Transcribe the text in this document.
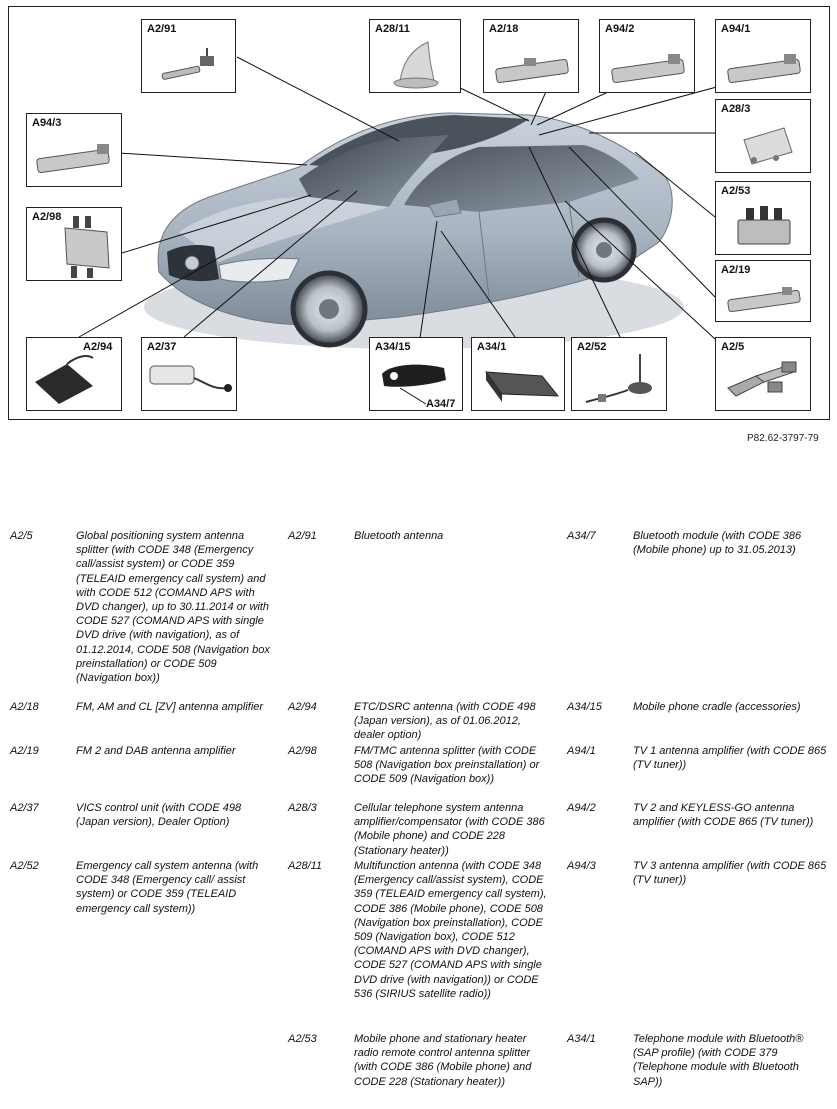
A2/91	A28/11	A2/18	A94/2	A94/1
A94/3
A28/3
A2/98
A2/53
A2/19
A2/94	A2/37	A34/15
A34/7
A34/1	A2/52	A2/5
P82.62-3797-79
A2/5	Global positioning system antenna splitter (with CODE 348 (Emergency call/assist system) or CODE 359 (TELEAID emergency call system) and with CODE 512 (COMAND APS with DVD changer), up to 30.11.2014 or with CODE 527 (COMAND APS with single DVD drive (with navigation), as of 01.12.2014, CODE 508 (Navigation box preinstallation) or CODE 509 (Navigation box))
A2/18	FM, AM and CL [ZV] antenna amplifier
A2/19	FM 2 and DAB antenna amplifier
A2/37	VICS control unit (with CODE 498 (Japan version), Dealer Option)
A2/52	Emergency call system antenna (with CODE 348 (Emergency call/ assist system) or CODE 359 (TELEAID emergency call system))
A2/91	Bluetooth antenna
A2/94	ETC/DSRC antenna (with CODE 498 (Japan version), as of 01.06.2012, dealer option)
A2/98	FM/TMC antenna splitter (with CODE 508 (Navigation box preinstallation) or CODE 509 (Navigation box))
A28/3	Cellular telephone system antenna amplifier/compensator (with CODE 386 (Mobile phone) and CODE 228 (Stationary heater))
A28/11	Multifunction antenna (with CODE 348 (Emergency call/assist system), CODE 359 (TELEAID emergency call system), CODE 386 (Mobile phone), CODE 508 (Navigation box preinstallation), CODE 509 (Navigation box), CODE 512 (COMAND APS with DVD changer), CODE 527 (COMAND APS with single DVD drive (with navigation)) or CODE 536 (SIRIUS satellite radio))
A2/53	Mobile phone and stationary heater radio remote control antenna splitter (with CODE 386 (Mobile phone) and CODE 228 (Stationary heater))
A34/7	Bluetooth module (with CODE 386 (Mobile phone) up to 31.05.2013)
A34/15	Mobile phone cradle (accessories)
A94/1	TV 1 antenna amplifier (with CODE 865 (TV tuner))
A94/2	TV 2 and KEYLESS-GO antenna amplifier (with CODE 865 (TV tuner))
A94/3	TV 3 antenna amplifier (with CODE 865 (TV tuner))
A34/1	Telephone module with Bluetooth® (SAP profile) (with CODE 379 (Telephone module with Bluetooth SAP))
